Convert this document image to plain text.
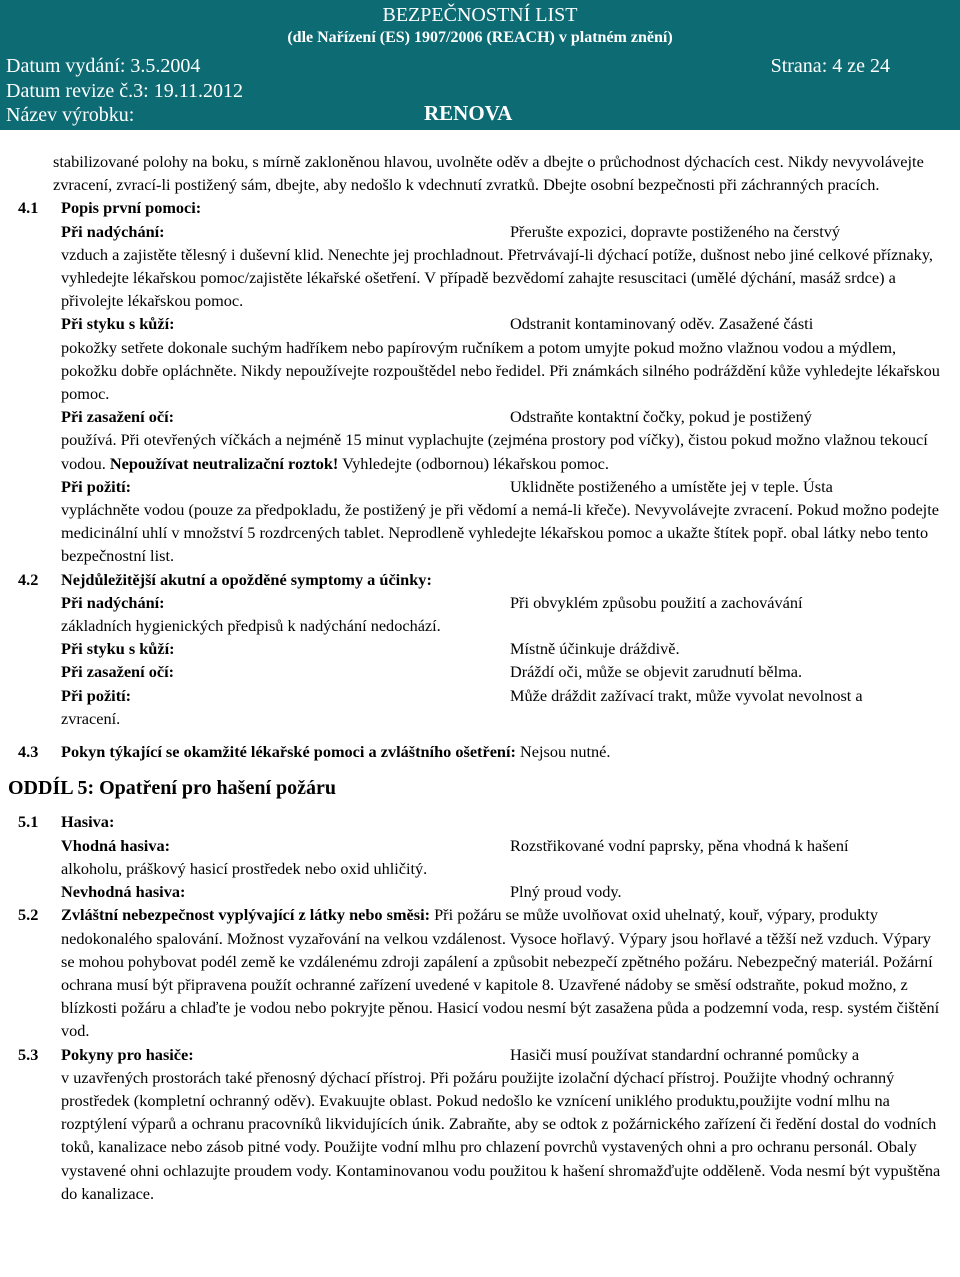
BEZPEČNOSTNÍ LIST
(dle Nařízení (ES) 1907/2006 (REACH) v platném znění)
Datum vydání: 3.5.2004	Strana: 4 ze 24
Datum revize č.3: 19.11.2012
Název výrobku:	RENOVA
stabilizované polohy na boku, s mírně zakloněnou hlavou, uvolněte oděv a dbejte o průchodnost dýchacích cest. Nikdy nevyvolávejte zvracení, zvrací-li postižený sám, dbejte, aby nedošlo k vdechnutí zvratků. Dbejte osobní bezpečnosti při záchranných pracích.
4.1	Popis první pomoci:
Při nadýchání:	Přerušte expozici, dopravte postiženého na čerstvý
vzduch a zajistěte tělesný i duševní klid. Nenechte jej prochladnout. Přetrvávají-li dýchací potíže, dušnost nebo jiné celkové příznaky, vyhledejte lékařskou pomoc/zajistěte lékařské ošetření. V případě bezvědomí zahajte resuscitaci (umělé dýchání, masáž srdce) a přivolejte lékařskou pomoc.
Při styku s kůží:	Odstranit kontaminovaný oděv. Zasažené části
pokožky setřete dokonale suchým hadříkem nebo papírovým ručníkem a potom umyjte pokud možno vlažnou vodou a mýdlem, pokožku dobře opláchněte. Nikdy nepoužívejte rozpouštědel nebo ředidel. Při známkách silného podráždění kůže vyhledejte lékařskou pomoc.
Při zasažení očí:	Odstraňte kontaktní čočky, pokud je postižený
používá. Při otevřených víčkách a nejméně 15 minut vyplachujte (zejména prostory pod víčky), čistou pokud možno vlažnou tekoucí vodou. Nepoužívat neutralizační roztok! Vyhledejte (odbornou) lékařskou pomoc.
Při požití:	Uklidněte postiženého a umístěte jej v teple. Ústa
vypláchněte vodou (pouze za předpokladu, že postižený je při vědomí a nemá-li křeče). Nevyvolávejte zvracení. Pokud možno podejte medicinální uhlí v množství 5 rozdrcených tablet. Neprodleně vyhledejte lékařskou pomoc a ukažte štítek popř. obal látky nebo tento bezpečnostní list.
4.2	Nejdůležitější akutní a opožděné symptomy a účinky:
Při nadýchání:	Při obvyklém způsobu použití a zachovávání
základních hygienických předpisů k nadýchání nedochází.
Při styku s kůží:	Místně účinkuje dráždivě.
Při zasažení očí:	Dráždí oči, může se objevit zarudnutí bělma.
Při požití:	Může dráždit zažívací trakt, může vyvolat nevolnost a
zvracení.
4.3	Pokyn týkající se okamžité lékařské pomoci a zvláštního ošetření: Nejsou nutné.
ODDÍL 5: Opatření pro hašení požáru
5.1	Hasiva:
Vhodná hasiva:	Rozstřikované vodní paprsky, pěna vhodná k hašení
alkoholu, práškový hasicí prostředek nebo oxid uhličitý.
Nevhodná hasiva:	Plný proud vody.
5.2	Zvláštní nebezpečnost vyplývající z látky nebo směsi: Při požáru se může uvolňovat oxid uhelnatý, kouř, výpary, produkty nedokonalého spalování. Možnost vyzařování na velkou vzdálenost. Vysoce hořlavý. Výpary jsou hořlavé a těžší než vzduch. Výpary se mohou pohybovat podél země ke vzdálenému zdroji zapálení a způsobit nebezpečí zpětného požáru. Nebezpečný materiál. Požární ochrana musí být připravena použít ochranné zařízení uvedené v kapitole 8. Uzavřené nádoby se směsí odstraňte, pokud možno, z blízkosti požáru a chlaďte je vodou nebo pokryjte pěnou. Hasicí vodou nesmí být zasažena půda a podzemní voda, resp. systém čištění vod.
5.3	Pokyny pro hasiče:	Hasiči musí používat standardní ochranné pomůcky a
v uzavřených prostorách také přenosný dýchací přístroj. Při požáru použijte izolační dýchací přístroj. Použijte vhodný ochranný prostředek (kompletní ochranný oděv). Evakuujte oblast. Pokud nedošlo ke vznícení uniklého produktu,použijte vodní mlhu na rozptýlení výparů a ochranu pracovníků likvidujících únik. Zabraňte, aby se odtok z požárnického zařízení či ředění dostal do vodních toků, kanalizace nebo zásob pitné vody. Použijte vodní mlhu pro chlazení povrchů vystavených ohni a pro ochranu personál. Obaly vystavené ohni ochlazujte proudem vody. Kontaminovanou vodu použitou k hašení shromažďujte odděleně. Voda nesmí být vypuštěna do kanalizace.
